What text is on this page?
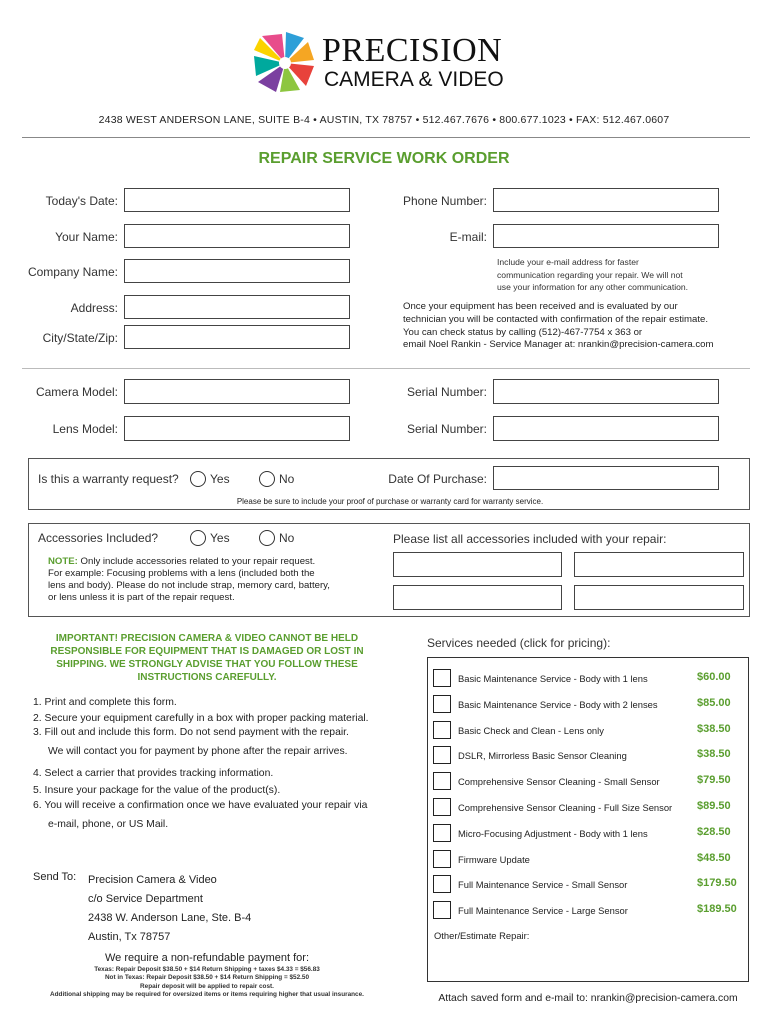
PRECISION
CAMERA & VIDEO
2438 WEST ANDERSON LANE, SUITE B-4 • AUSTIN, TX 78757 • 512.467.7676 • 800.677.1023 • FAX: 512.467.0607
REPAIR SERVICE WORK ORDER
Today's Date:
Your Name:
Company Name:
Address:
City/State/Zip:
Phone Number:
E-mail:
Include your e-mail address for faster
communication regarding your repair. We will not
use your information for any other communication.
Once your equipment has been received and is evaluated by our
technician you will be contacted with confirmation of the repair estimate.
You can check status by calling (512)-467-7754 x 363 or
email Noel Rankin - Service Manager at: nrankin@precision-camera.com
Camera Model:
Lens Model:
Serial Number:
Serial Number:
Is this a warranty request?	Yes	No	Date Of Purchase:
Please be sure to include your proof of purchase or warranty card for warranty service.
Accessories Included?	Yes	No	Please list all accessories included with your repair:
NOTE: Only include accessories related to your repair request.
For example: Focusing problems with a lens (included both the
lens and body). Please do not include strap, memory card, battery,
or lens unless it is part of the repair request.
IMPORTANT! PRECISION CAMERA & VIDEO CANNOT BE HELD
RESPONSIBLE FOR EQUIPMENT THAT IS DAMAGED OR LOST IN
SHIPPING. WE STRONGLY ADVISE THAT YOU FOLLOW THESE
INSTRUCTIONS CAREFULLY.
1. Print and complete this form.
2. Secure your equipment carefully in a box with proper packing material.
3. Fill out and include this form. Do not send payment with the repair.
We will contact you for payment by phone after the repair arrives.
4. Select a carrier that provides tracking information.
5. Insure your package for the value of the product(s).
6. You will receive a confirmation once we have evaluated your repair via
e-mail, phone, or US Mail.
Send To: Precision Camera & Video
c/o Service Department
2438 W. Anderson Lane, Ste. B-4
Austin, Tx 78757
We require a non-refundable payment for:
Texas: Repair Deposit $38.50 + $14 Return Shipping + taxes $4.33 = $56.83
Not in Texas: Repair Deposit $38.50 + $14 Return Shipping = $52.50
Repair deposit will be applied to repair cost.
Additional shipping may be required for oversized items or items requiring higher that usual insurance.
Services needed (click for pricing):
Basic Maintenance Service - Body with 1 lens	$60.00
Basic Maintenance Service - Body with 2 lenses	$85.00
Basic Check and Clean - Lens only	$38.50
DSLR, Mirrorless Basic Sensor Cleaning	$38.50
Comprehensive Sensor Cleaning - Small Sensor	$79.50
Comprehensive Sensor Cleaning - Full Size Sensor $89.50
Micro-Focusing Adjustment - Body with 1 lens	$28.50
Firmware Update	$48.50
Full Maintenance Service - Small Sensor	$179.50
Full Maintenance Service - Large Sensor	$189.50
Other/Estimate Repair:
Attach saved form and e-mail to: nrankin@precision-camera.com
